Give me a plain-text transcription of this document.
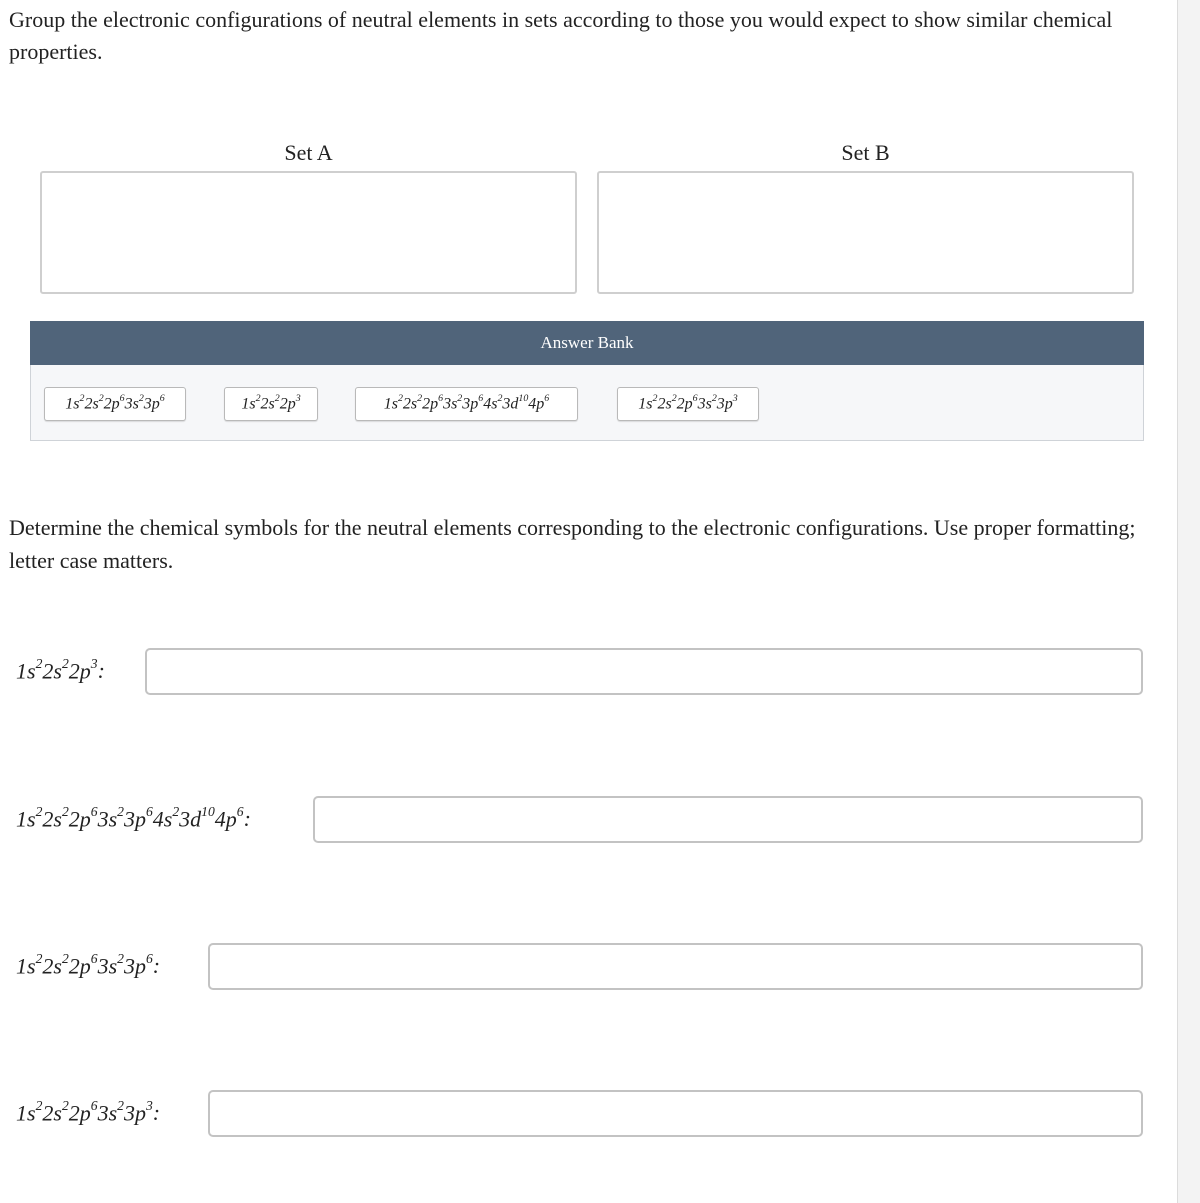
Group the electronic configurations of neutral elements in sets according to those you would expect to show similar chemical properties.

Set A	Set B
Answer Bank
$1s^22s^22p^63s^23p^6$	$1s^22s^22p^3$	$1s^22s^22p^63s^23p^64s^23d^{10}4p^6$	$1s^22s^22p^63s^23p^3$

Determine the chemical symbols for the neutral elements corresponding to the electronic configurations. Use proper formatting; letter case matters.

$1s^22s^22p^3$ :
$1s^22s^22p^63s^23p^64s^23d^{10}4p^6$ :
$1s^22s^22p^63s^23p^6$ :
$1s^22s^22p^63s^23p^3$ :
